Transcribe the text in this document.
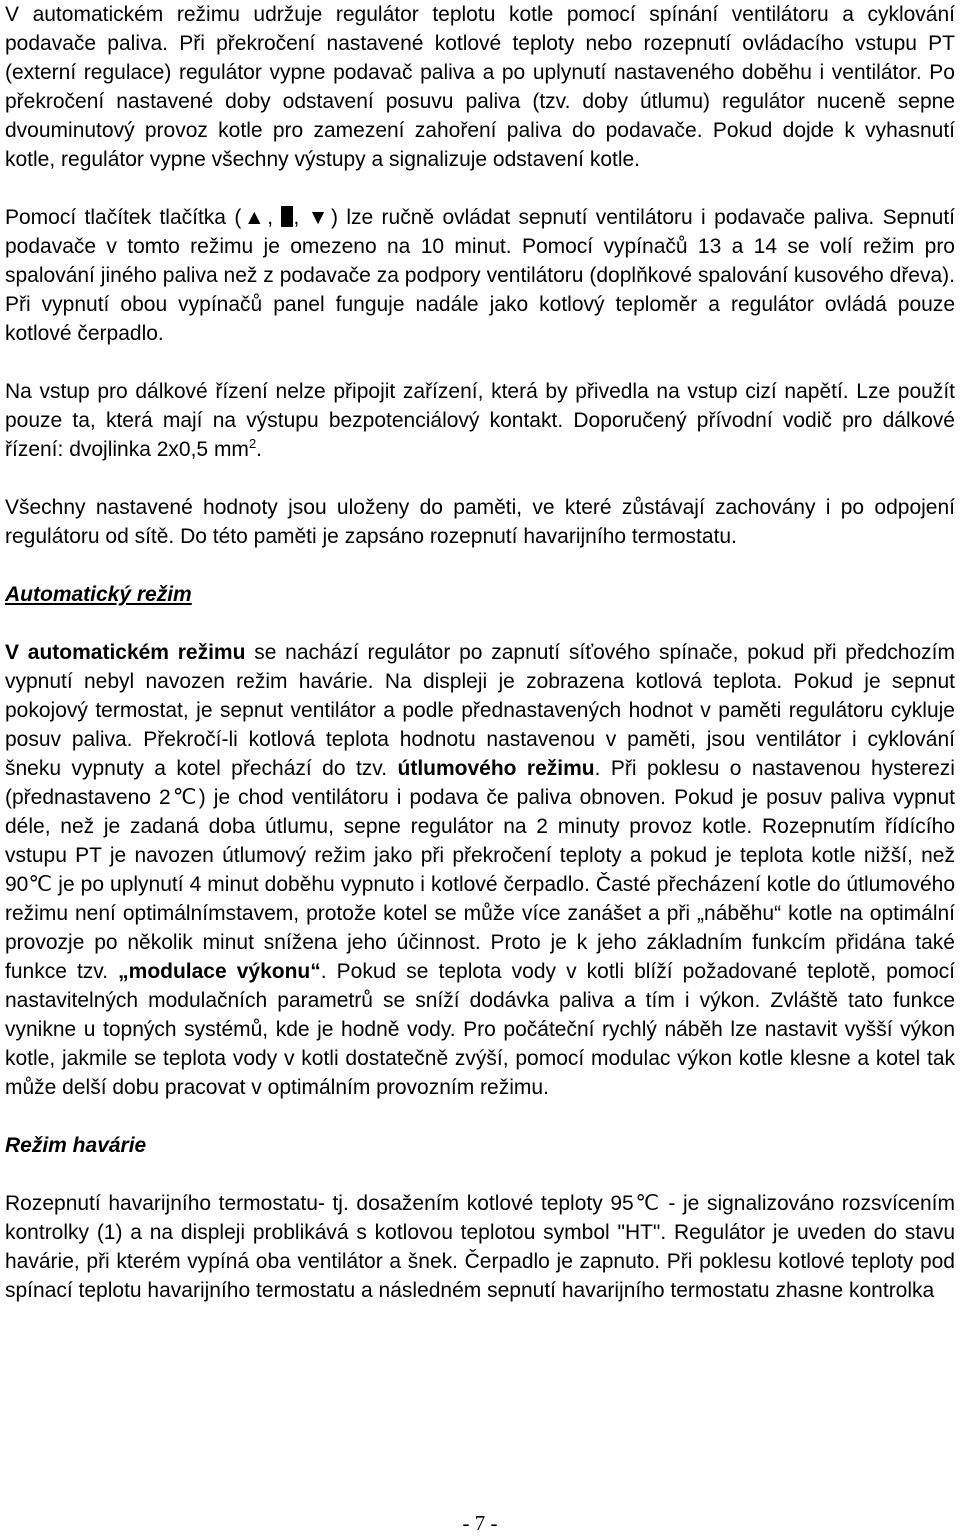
V automatickém režimu udržuje regulátor teplotu kotle pomocí spínání ventilátoru a cyklování podavače paliva. Při překročení nastavené kotlové teploty nebo rozepnutí ovládacího vstupu PT (externí regulace) regulátor vypne podavač paliva a po uplynutí nastaveného doběhu i ventilátor. Po překročení nastavené doby odstavení posuvu paliva (tzv. doby útlumu) regulátor nuceně sepne dvouminutový provoz kotle pro zamezení zahoření paliva do podavače. Pokud dojde k vyhasnutí kotle, regulátor vypne všechny výstupy a signalizuje odstavení kotle.

Pomocí tlačítek tlačítka (▲, , ▼) lze ručně ovládat sepnutí ventilátoru i podavače paliva. Sepnutí podavače v tomto režimu je omezeno na 10 minut. Pomocí vypínačů 13 a 14 se volí režim pro spalování jiného paliva než z podavače za podpory ventilátoru (doplňkové spalování kusového dřeva). Při vypnutí obou vypínačů panel funguje nadále jako kotlový teploměr a regulátor ovládá pouze kotlové čerpadlo.

Na vstup pro dálkové řízení nelze připojit zařízení, která by přivedla na vstup cizí napětí. Lze použít pouze ta, která mají na výstupu bezpotenciálový kontakt. Doporučený přívodní vodič pro dálkové řízení: dvojlinka 2x0,5 $mm^2$.

Všechny nastavené hodnoty jsou uloženy do paměti, ve které zůstávají zachovány i po odpojení regulátoru od sítě. Do této paměti je zapsáno rozepnutí havarijního termostatu.

Automatický režim

V automatickém režimu se nachází regulátor po zapnutí síťového spínače, pokud při předchozím vypnutí nebyl navozen režim havárie. Na displeji je zobrazena kotlová teplota. Pokud je sepnut pokojový termostat, je sepnut ventilátor a podle přednastavených hodnot v paměti regulátoru cykluje posuv paliva. Překročí-li kotlová teplota hodnotu nastavenou v paměti, jsou ventilátor i cyklování šneku vypnuty a kotel přechází do tzv. útlumového režimu. Při poklesu o nastavenou hysterezi (přednastaveno 2℃) je chod ventilátoru i podava če paliva obnoven. Pokud je posuv paliva vypnut déle, než je zadaná doba útlumu, sepne regulátor na 2 minuty provoz kotle. Rozepnutím řídícího vstupu PT je navozen útlumový režim jako při překročení teploty a pokud je teplota kotle nižší, než 90℃ je po uplynutí 4 minut doběhu vypnuto i kotlové čerpadlo. Časté přecházení kotle do útlumového režimu není optimálnímstavem, protože kotel se může více zanášet a při „náběhu“ kotle na optimální provozje po několik minut snížena jeho účinnost. Proto je k jeho základním funkcím přidána také funkce tzv. „modulace výkonu“. Pokud se teplota vody v kotli blíží požadované teplotě, pomocí nastavitelných modulačních parametrů se sníží dodávka paliva a tím i výkon. Zvláště tato funkce vynikne u topných systémů, kde je hodně vody. Pro počáteční rychlý náběh lze nastavit vyšší výkon kotle, jakmile se teplota vody v kotli dostatečně zvýší, pomocí modulac výkon kotle klesne a kotel tak může delší dobu pracovat v optimálním provozním režimu.

Režim havárie

Rozepnutí havarijního termostatu- tj. dosažením kotlové teploty 95℃ - je signalizováno rozsvícením kontrolky (1) a na displeji problikává s kotlovou teplotou symbol "HT". Regulátor je uveden do stavu havárie, při kterém vypíná oba ventilátor a šnek. Čerpadlo je zapnuto. Při poklesu kotlové teploty pod spínací teplotu havarijního termostatu a následném sepnutí havarijního termostatu zhasne kontrolka

- 7 -
